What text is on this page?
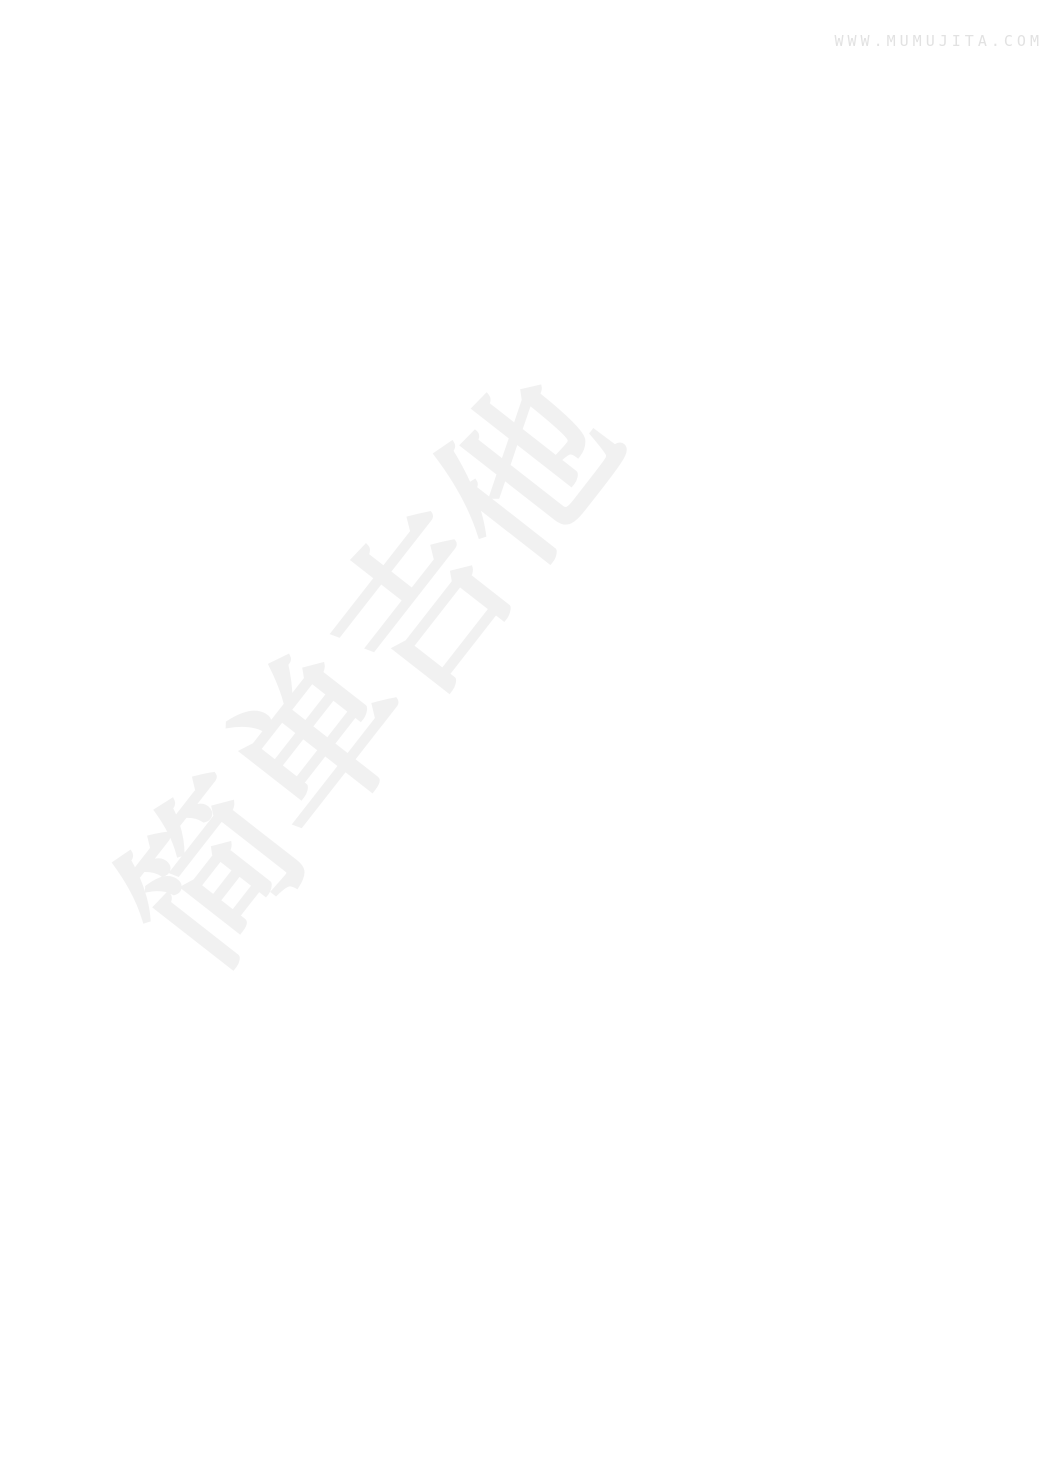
WWW.MUMUJITA.COM
简单吉他
